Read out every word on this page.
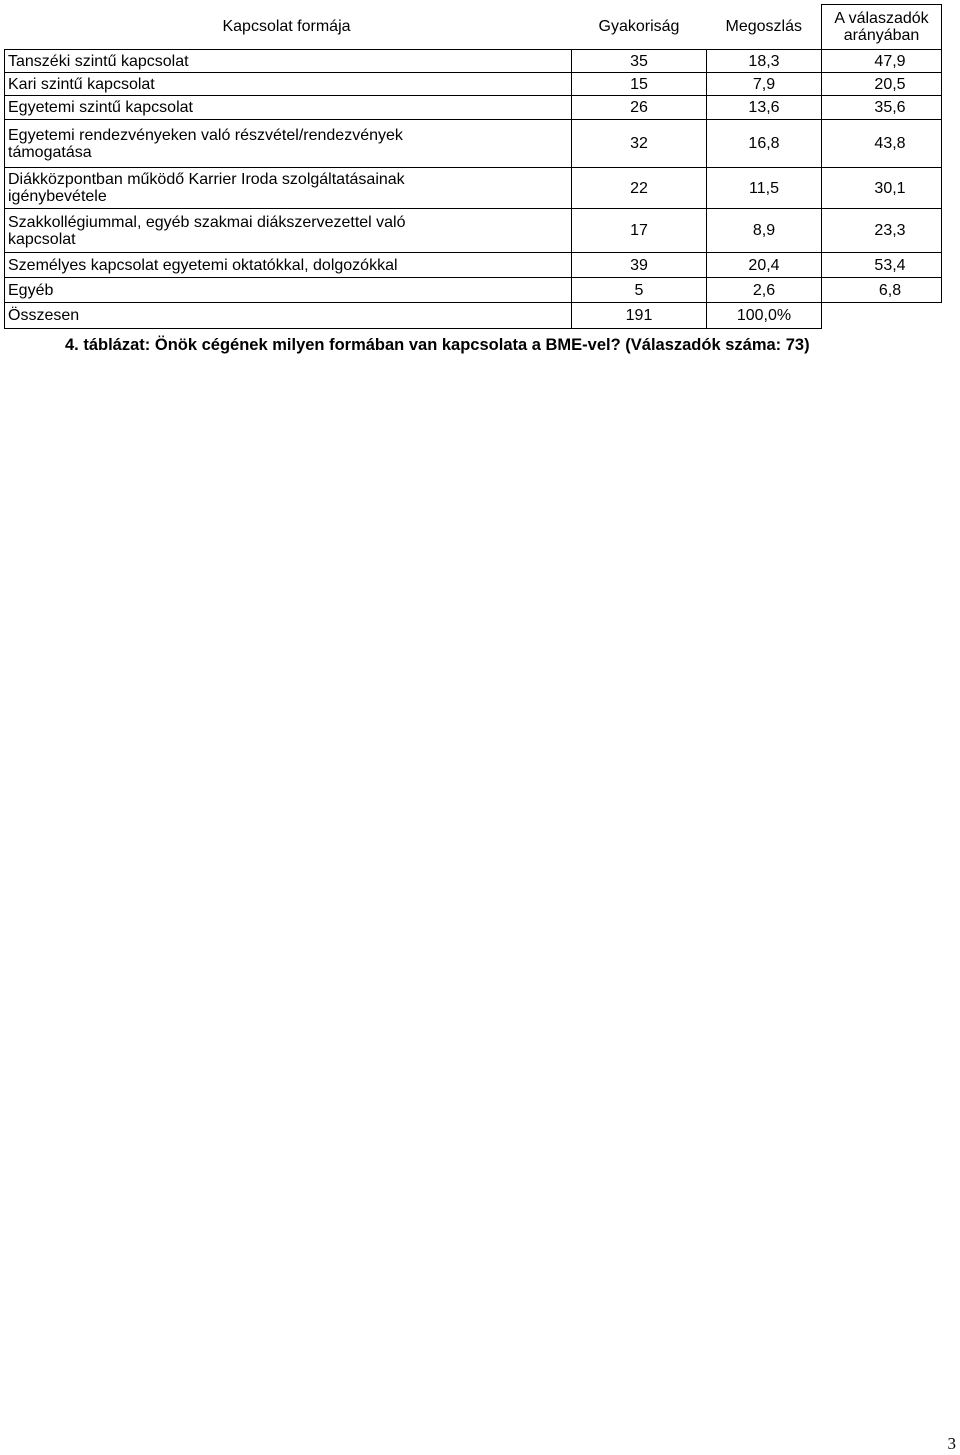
4. táblázat: Önök cégének milyen formában van kapcsolata a BME-vel? (Válaszadók száma: 73)
Kapcsolat formája	Gyakoriság	Megoszlás	A válaszadók
arányában

Tanszéki szintű kapcsolat	35	18,3	47,9
Kari szintű kapcsolat	15	7,9	20,5
Egyetemi szintű kapcsolat	26	13,6	35,6

Egyetemi rendezvényeken való részvétel/rendezvények
támogatása	32	16,8	43,8

Diákközpontban működő Karrier Iroda szolgáltatásainak
igénybevétele	22	11,5	30,1

Szakkollégiummal, egyéb szakmai diákszervezettel való
kapcsolat	17	8,9	23,3
Személyes kapcsolat egyetemi oktatókkal, dolgozókkal	39	20,4	53,4
Egyéb	5	2,6	6,8
Összesen	191	100,0%	
3
